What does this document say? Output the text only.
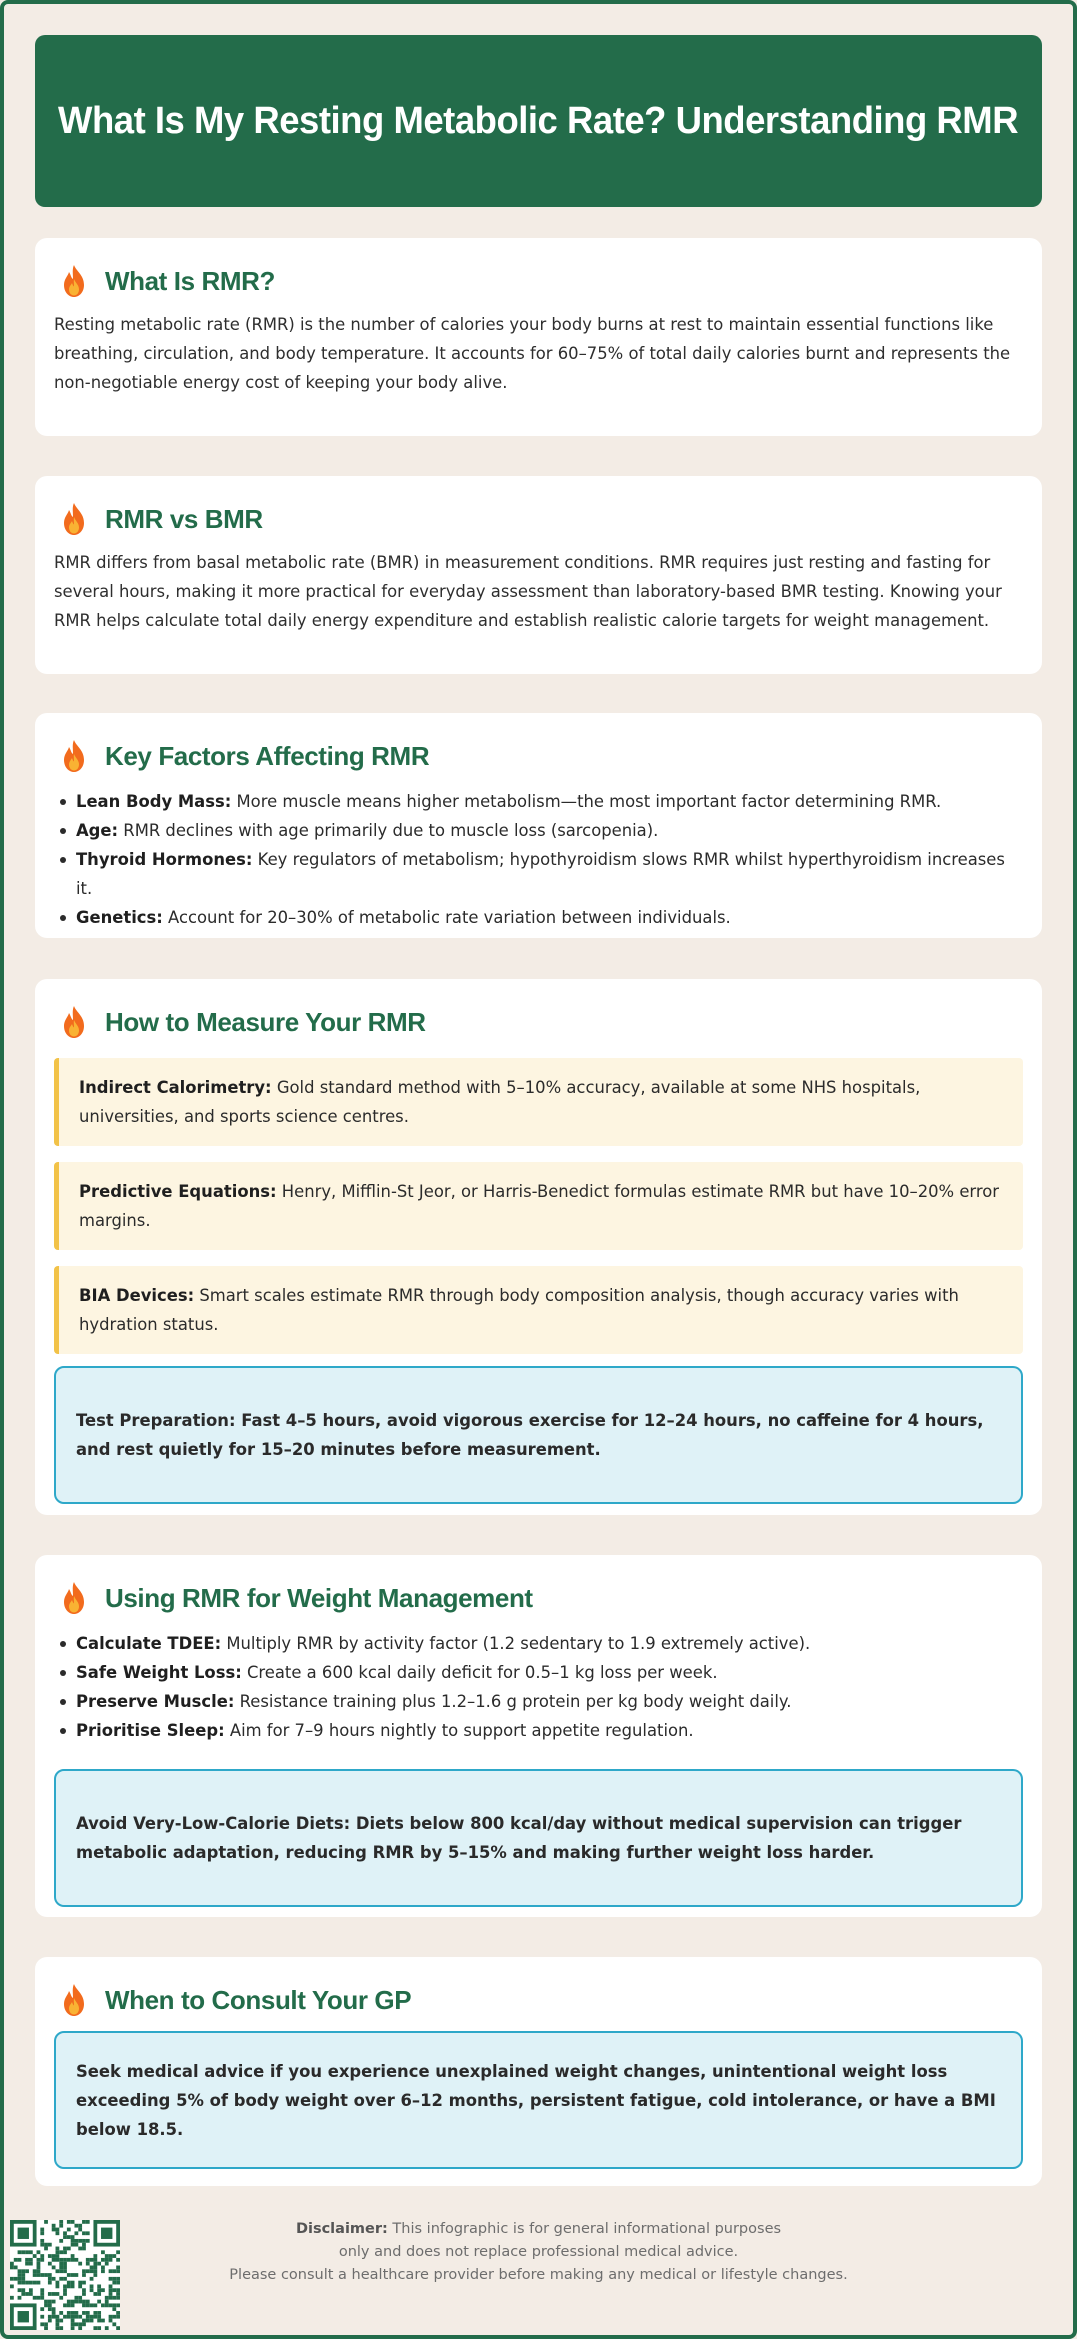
What Is My Resting Metabolic Rate? Understanding RMR
What Is RMR?

Resting metabolic rate (RMR) is the number of calories your body burns at rest to maintain essential functions like breathing, circulation, and body temperature. It accounts for 60–75% of total daily calories burnt and represents the non-negotiable energy cost of keeping your body alive.

RMR vs BMR

RMR differs from basal metabolic rate (BMR) in measurement conditions. RMR requires just resting and fasting for several hours, making it more practical for everyday assessment than laboratory-based BMR testing. Knowing your RMR helps calculate total daily energy expenditure and establish realistic calorie targets for weight management.

Key Factors Affecting RMR
Lean Body Mass: More muscle means higher metabolism—the most important factor determining RMR.
Age: RMR declines with age primarily due to muscle loss (sarcopenia).
Thyroid Hormones: Key regulators of metabolism; hypothyroidism slows RMR whilst hyperthyroidism increases it.
Genetics: Account for 20–30% of metabolic rate variation between individuals.
How to Measure Your RMR
Indirect Calorimetry: Gold standard method with 5–10% accuracy, available at some NHS hospitals, universities, and sports science centres.
Predictive Equations: Henry, Mifflin-St Jeor, or Harris-Benedict formulas estimate RMR but have 10–20% error margins.
BIA Devices: Smart scales estimate RMR through body composition analysis, though accuracy varies with hydration status.
Test Preparation: Fast 4–5 hours, avoid vigorous exercise for 12–24 hours, no caffeine for 4 hours, and rest quietly for 15–20 minutes before measurement.
Using RMR for Weight Management
Calculate TDEE: Multiply RMR by activity factor (1.2 sedentary to 1.9 extremely active).
Safe Weight Loss: Create a 600 kcal daily deficit for 0.5–1 kg loss per week.
Preserve Muscle: Resistance training plus 1.2–1.6 g protein per kg body weight daily.
Prioritise Sleep: Aim for 7–9 hours nightly to support appetite regulation.
Avoid Very-Low-Calorie Diets: Diets below 800 kcal/day without medical supervision can trigger metabolic adaptation, reducing RMR by 5–15% and making further weight loss harder.
When to Consult Your GP
Seek medical advice if you experience unexplained weight changes, unintentional weight loss exceeding 5% of body weight over 6–12 months, persistent fatigue, cold intolerance, or have a BMI below 18.5.
Disclaimer: This infographic is for general informational purposes
only and does not replace professional medical advice.
Please consult a healthcare provider before making any medical or lifestyle changes.
